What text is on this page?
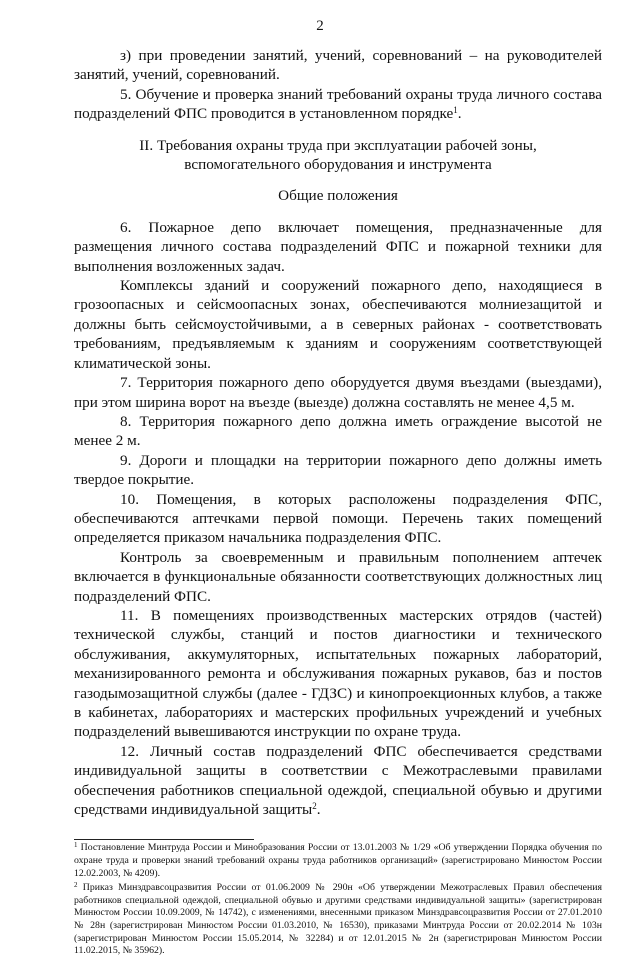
2

з) при проведении занятий, учений, соревнований – на руководителей занятий, учений, соревнований.

5. Обучение и проверка знаний требований охраны труда личного состава подразделений ФПС проводится в установленном порядке$^1$.

II. Требования охраны труда при эксплуатации рабочей зоны,

вспомогательного оборудования и инструмента

Общие положения

6. Пожарное депо включает помещения, предназначенные для размещения личного состава подразделений ФПС и пожарной техники для выполнения возложенных задач.

Комплексы зданий и сооружений пожарного депо, находящиеся в грозоопасных и сейсмоопасных зонах, обеспечиваются молниезащитой и должны быть сейсмоустойчивыми, а в северных районах - соответствовать требованиям, предъявляемым к зданиям и сооружениям соответствующей климатической зоны.

7. Территория пожарного депо оборудуется двумя въездами (выездами), при этом ширина ворот на въезде (выезде) должна составлять не менее 4,5 м.

8. Территория пожарного депо должна иметь ограждение высотой не менее 2 м.

9. Дороги и площадки на территории пожарного депо должны иметь твердое покрытие.

10. Помещения, в которых расположены подразделения ФПС, обеспечиваются аптечками первой помощи. Перечень таких помещений определяется приказом начальника подразделения ФПС.

Контроль за своевременным и правильным пополнением аптечек включается в функциональные обязанности соответствующих должностных лиц подразделений ФПС.

11. В помещениях производственных мастерских отрядов (частей) технической службы, станций и постов диагностики и технического обслуживания, аккумуляторных, испытательных пожарных лабораторий, механизированного ремонта и обслуживания пожарных рукавов, баз и постов газодымозащитной службы (далее - ГДЗС) и кинопроекционных клубов, а также в кабинетах, лабораториях и мастерских профильных учреждений и учебных подразделений вывешиваются инструкции по охране труда.

12. Личный состав подразделений ФПС обеспечивается средствами индивидуальной защиты в соответствии с Межотраслевыми правилами обеспечения работников специальной одеждой, специальной обувью и другими средствами индивидуальной защиты$^2$.

$^1$ Постановление Минтруда России и Минобразования России от 13.01.2003 № 1/29 «Об утверждении Порядка обучения по охране труда и проверки знаний требований охраны труда работников организаций» (зарегистрировано Минюстом России 12.02.2003, № 4209).

$^2$ Приказ Минздравсоцразвития России от 01.06.2009 № 290н «Об утверждении Межотраслевых Правил обеспечения работников специальной одеждой, специальной обувью и другими средствами индивидуальной защиты» (зарегистрирован Минюстом России 10.09.2009, № 14742), с изменениями, внесенными приказом Минздравсоцразвития России от 27.01.2010 № 28н (зарегистрирован Минюстом России 01.03.2010, № 16530), приказами Минтруда России от 20.02.2014 № 103н (зарегистрирован Минюстом России 15.05.2014, № 32284) и от 12.01.2015 № 2н (зарегистрирован Минюстом России 11.02.2015, № 35962).
